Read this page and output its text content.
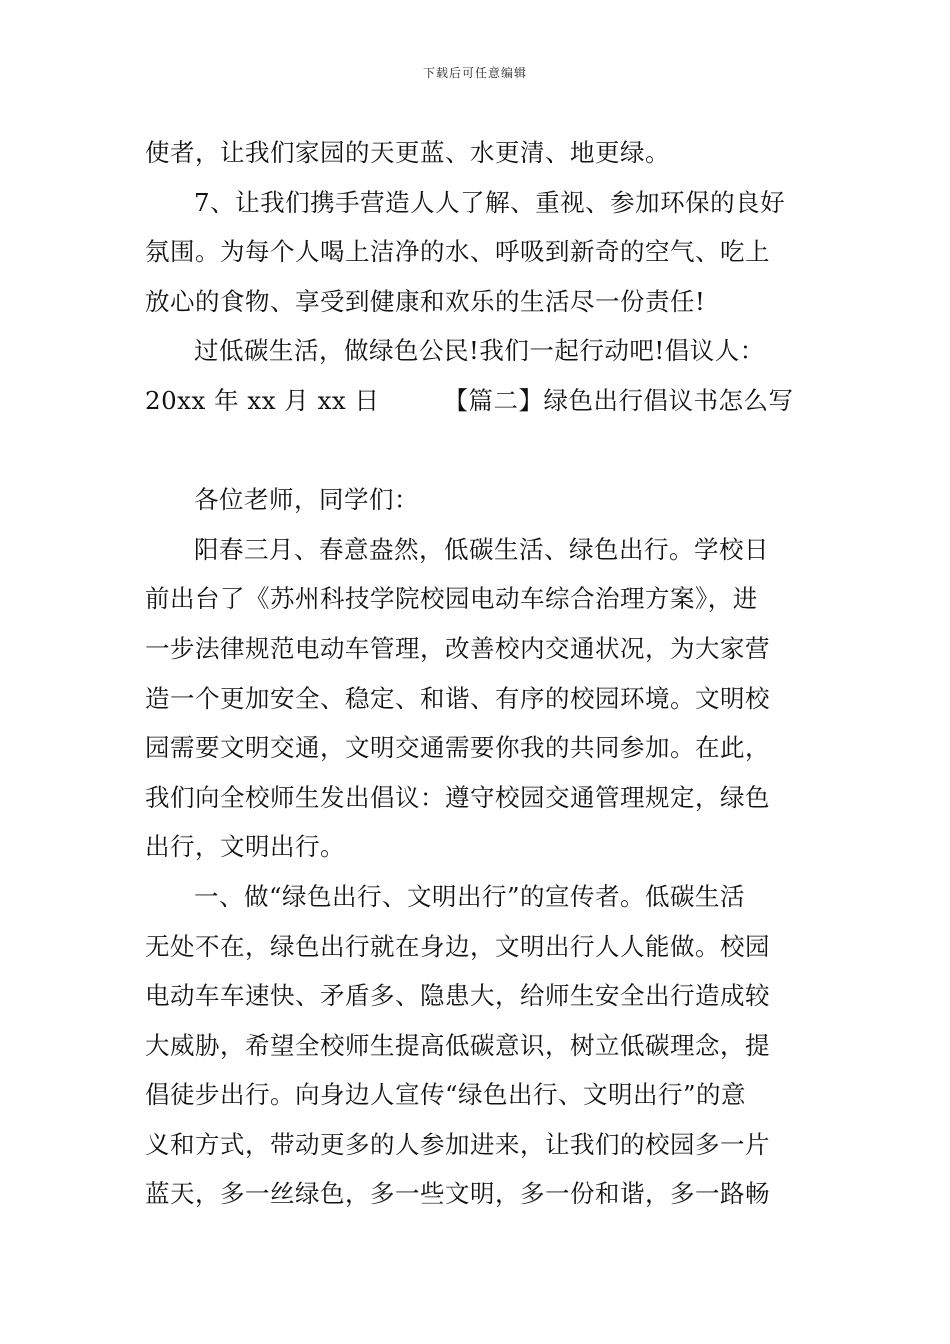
下载后可任意编辑
使者，让我们家园的天更蓝、水更清、地更绿。
7、让我们携手营造人人了解、重视、参加环保的良好
氛围。为每个人喝上洁净的水、呼吸到新奇的空气、吃上
放心的食物、享受到健康和欢乐的生活尽一份责任!
过低碳生活，做绿色公民!我们一起行动吧!倡议人：
20xx 年 xx 月 xx 日	【篇二】绿色出行倡议书怎么写
各位老师，同学们：
阳春三月、春意盎然，低碳生活、绿色出行。学校日
前出台了《苏州科技学院校园电动车综合治理方案》，进
一步法律规范电动车管理，改善校内交通状况，为大家营
造一个更加安全、稳定、和谐、有序的校园环境。文明校
园需要文明交通，文明交通需要你我的共同参加。在此，
我们向全校师生发出倡议：遵守校园交通管理规定，绿色
出行，文明出行。
一、做“绿色出行、文明出行”的宣传者。低碳生活
无处不在，绿色出行就在身边，文明出行人人能做。校园
电动车车速快、矛盾多、隐患大，给师生安全出行造成较
大威胁，希望全校师生提高低碳意识，树立低碳理念，提
倡徒步出行。向身边人宣传“绿色出行、文明出行”的意
义和方式，带动更多的人参加进来，让我们的校园多一片
蓝天，多一丝绿色，多一些文明，多一份和谐，多一路畅
